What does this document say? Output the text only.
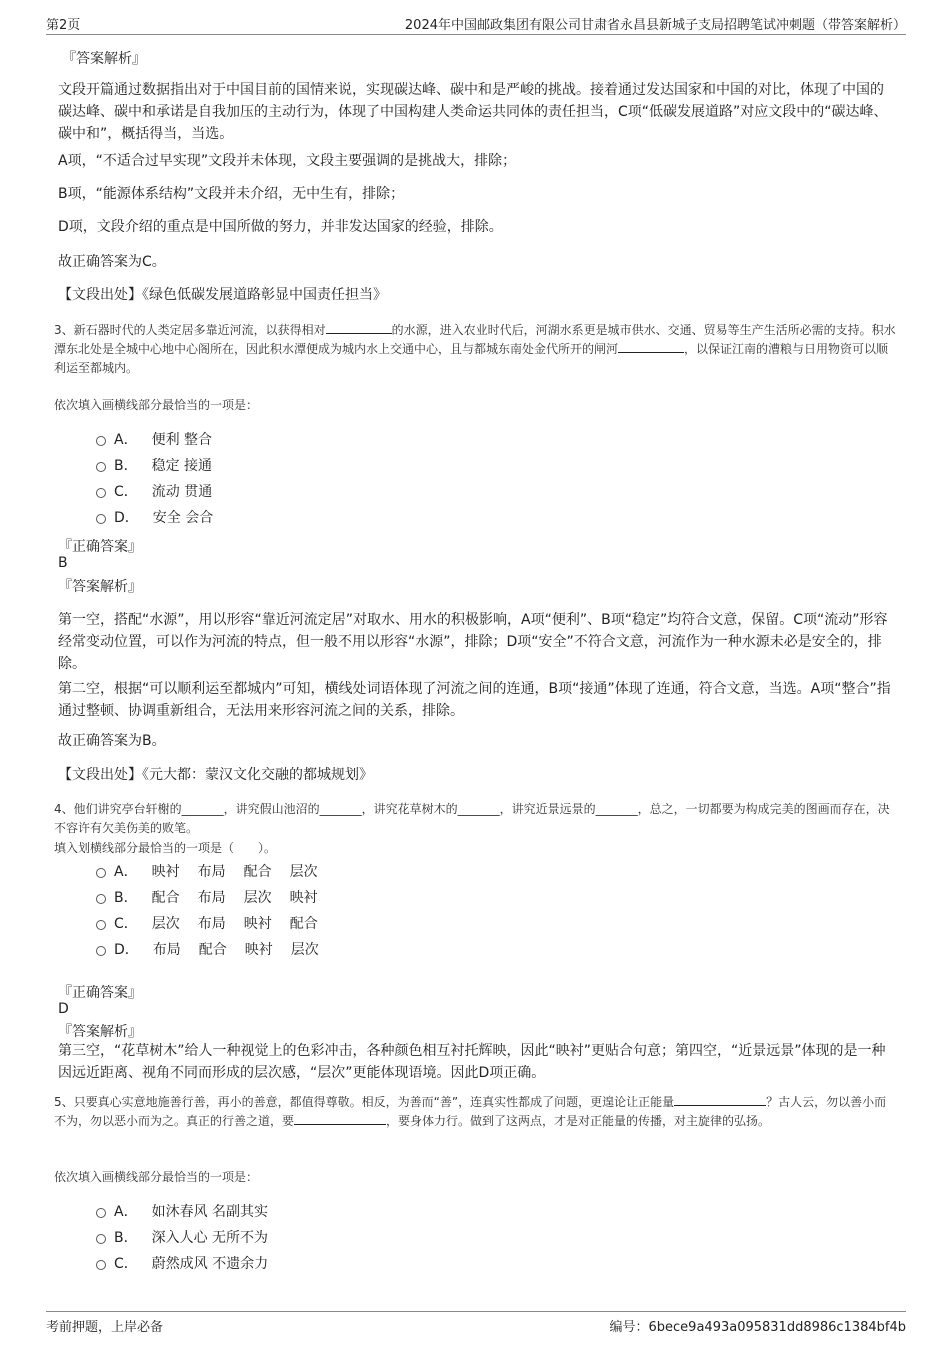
第2页	2024年中国邮政集团有限公司甘肃省永昌县新城子支局招聘笔试冲刺题（带答案解析）
『答案解析』
文段开篇通过数据指出对于中国目前的国情来说，实现碳达峰、碳中和是严峻的挑战。接着通过发达国家和中国的对比，体现了中国的碳达峰、碳中和承诺是自我加压的主动行为，体现了中国构建人类命运共同体的责任担当，C项“低碳发展道路”对应文段中的“碳达峰、碳中和”，概括得当，当选。
A项，“不适合过早实现”文段并未体现，文段主要强调的是挑战大，排除；
B项，“能源体系结构”文段并未介绍，无中生有，排除；
D项，文段介绍的重点是中国所做的努力，并非发达国家的经验，排除。
故正确答案为C。
【文段出处】《绿色低碳发展道路彰显中国责任担当》
3、新石器时代的人类定居多靠近河流，以获得相对	的水源，进入农业时代后，河湖水系更是城市供水、交通、贸易等生产生活所必需的支持。积水潭东北处是全城中心地中心阁所在，因此积水潭便成为城内水上交通中心，且与都城东南处金代所开的闸河	，以保证江南的漕粮与日用物资可以顺利运至都城内。
依次填入画横线部分最恰当的一项是：
A． 便利 整合
B． 稳定 接通
C． 流动 贯通
D． 安全 会合
『正确答案』
B
『答案解析』
第一空，搭配“水源”，用以形容“靠近河流定居”对取水、用水的积极影响，A项“便利”、B项“稳定”均符合文意，保留。C项“流动”形容经常变动位置，可以作为河流的特点，但一般不用以形容“水源”，排除；D项“安全”不符合文意，河流作为一种水源未必是安全的，排除。
第二空，根据“可以顺利运至都城内”可知，横线处词语体现了河流之间的连通，B项“接通”体现了连通，符合文意，当选。A项“整合”指通过整顿、协调重新组合，无法用来形容河流之间的关系，排除。
故正确答案为B。
【文段出处】《元大都：蒙汉文化交融的都城规划》
4、他们讲究亭台轩榭的_______，讲究假山池沼的_______，讲究花草树木的_______，讲究近景远景的_______，总之，一切都要为构成完美的图画而存在，决不容许有欠美伤美的败笔。
填入划横线部分最恰当的一项是（　　）。
A． 映衬 布局 配合 层次
B． 配合 布局 层次 映衬
C． 层次 布局 映衬 配合
D． 布局 配合 映衬 层次
『正确答案』
D
『答案解析』
第三空，“花草树木”给人一种视觉上的色彩冲击，各种颜色相互衬托辉映，因此“映衬”更贴合句意；第四空，“近景远景”体现的是一种因远近距离、视角不同而形成的层次感，“层次”更能体现语境。因此D项正确。
5、只要真心实意地施善行善，再小的善意，都值得尊敬。相反，为善而“善”，连真实性都成了问题，更遑论让正能量	？古人云，勿以善小而不为，勿以恶小而为之。真正的行善之道，要	，要身体力行。做到了这两点，才是对正能量的传播，对主旋律的弘扬。
依次填入画横线部分最恰当的一项是：
A． 如沐春风 名副其实
B． 深入人心 无所不为
C． 蔚然成风 不遗余力
考前押题，上岸必备	编号：6bece9a493a095831dd8986c1384bf4b
